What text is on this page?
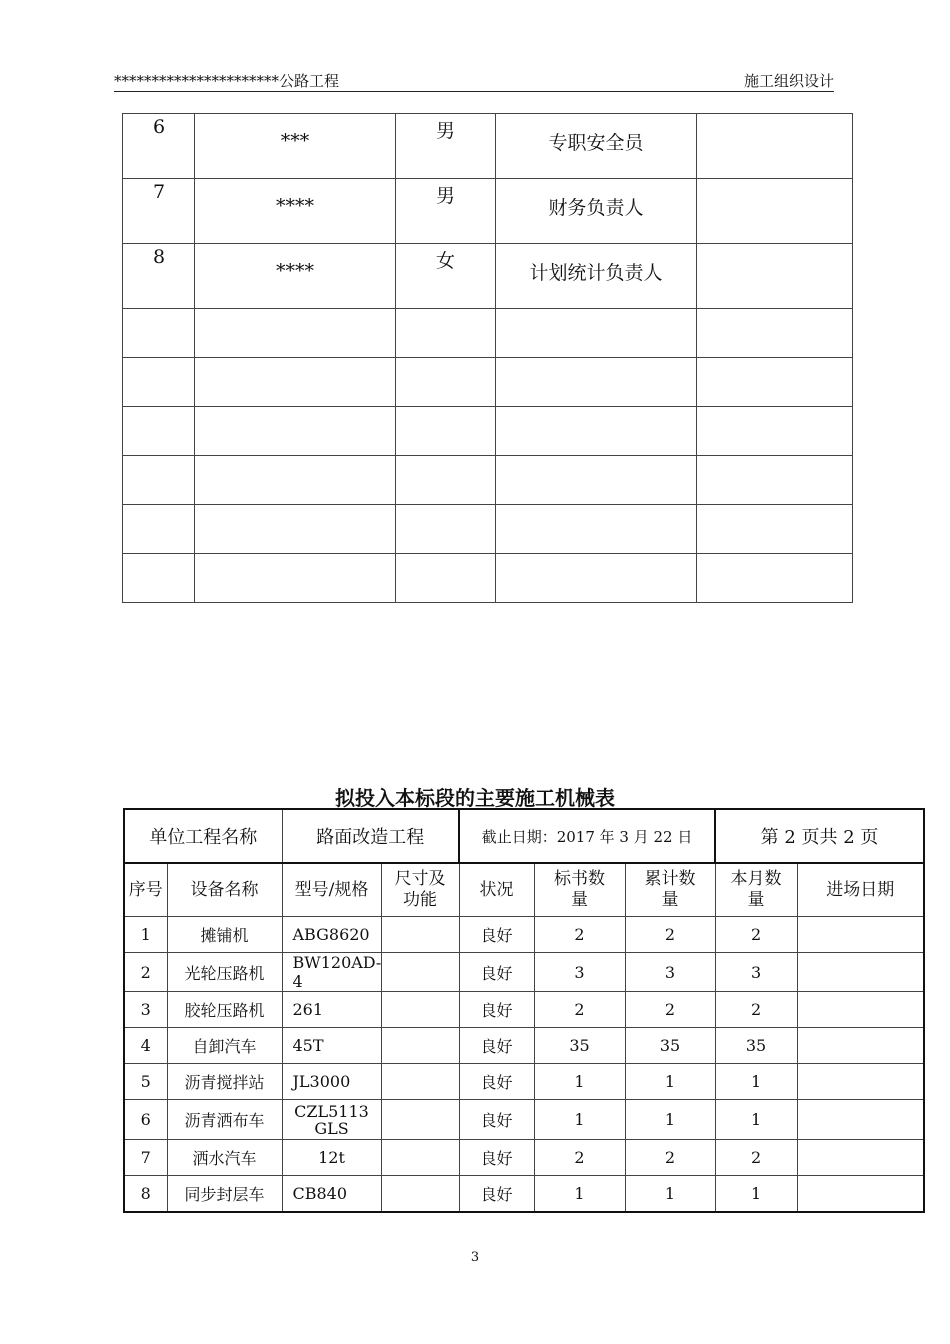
**********************公路工程	施工组织设计
6	***	男	专职安全员	
7	****	男	财务负责人	
8	****	女	计划统计负责人	

拟投入本标段的主要施工机械表
单位工程名称		路面改造工程		截止日期：2017 年 3 月 22 日			第 2 页共 2 页	
序号	设备名称	型号/规格	尺寸及功能	状况	标书数量	累计数量	本月数量	进场日期
1	摊铺机	ABG8620		良好	2	2	2	
2	光轮压路机	BW120AD-4		良好	3	3	3	
3	胶轮压路机	261		良好	2	2	2	
4	自卸汽车	45T		良好	35	35	35	
5	沥青搅拌站	JL3000		良好	1	1	1	
6	沥青洒布车	CZL5113GLS		良好	1	1	1	
7	洒水汽车	12t		良好	2	2	2	
8	同步封层车	CB840		良好	1	1	1	
3
